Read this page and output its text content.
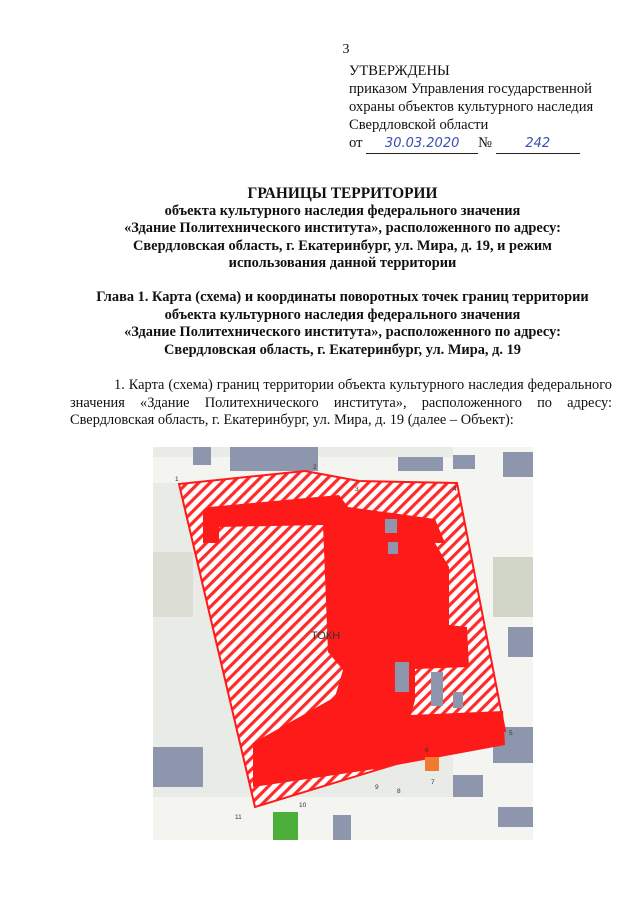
3
УТВЕРЖДЕНЫ
приказом Управления государственной
охраны объектов культурного наследия
Свердловской области
от 30.03.2020 №	242
ГРАНИЦЫ ТЕРРИТОРИИ
объекта культурного наследия федерального значения
«Здание Политехнического института», расположенного по адресу:
Свердловская область, г. Екатеринбург, ул. Мира, д. 19, и режим
использования данной территории
Глава 1. Карта (схема) и координаты поворотных точек границ территории
объекта культурного наследия федерального значения
«Здание Политехнического института», расположенного по адресу:
Свердловская область, г. Екатеринбург, ул. Мира, д. 19
1. Карта (схема) границ территории объекта культурного наследия федерального значения «Здание Политехнического института», расположенного по адресу: Свердловская область, г. Екатеринбург, ул. Мира, д. 19 (далее – Объект):
ТОКН
1
2
3	4
5
6
7
8
9
10
11
